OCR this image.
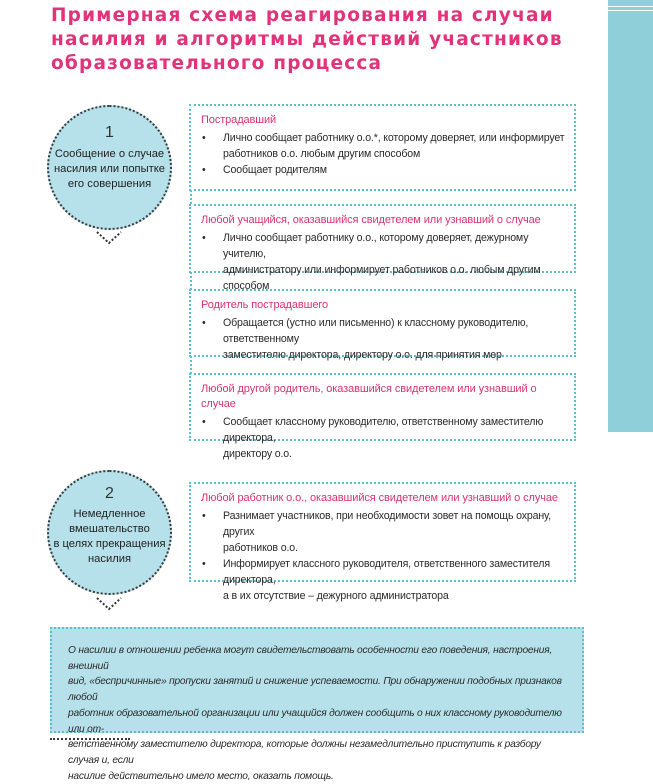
Примерная схема реагирования на случаи
насилия и алгоритмы действий участников
образовательного процесса
1
Сообщение о случае
насилия или попытке
его совершения
2
Немедленное
вмешательство
в целях прекращения
насилия
Пострадавший
• Лично сообщает работнику о.о.*, которому доверяет, или информирует
работников о.о. любым другим способом
• Сообщает родителям
Любой учащийся, оказавшийся свидетелем или узнавший о случае
• Лично сообщает работнику о.о., которому доверяет, дежурному учителю,
администратору или информирует работников о.о. любым другим способом
Родитель пострадавшего
• Обращается (устно или письменно) к классному руководителю, ответственному
заместителю директора, директору о.о. для принятия мер
Любой другой родитель, оказавшийся свидетелем или узнавший о случае
• Сообщает классному руководителю, ответственному заместителю директора,
директору о.о.
Любой работник о.о., оказавшийся свидетелем или узнавший о случае
• Разнимает участников, при необходимости зовет на помощь охрану, других
работников о.о.
• Информирует классного руководителя, ответственного заместителя директора,
а в их отсутствие – дежурного администратора
О насилии в отношении ребенка могут свидетельствовать особенности его поведения, настроения, внешний
вид, «беспричинные» пропуски занятий и снижение успеваемости. При обнаружении подобных признаков любой
работник образовательной организации или учащийся должен сообщить о них классному руководителю или от-
ветственному заместителю директора, которые должны незамедлительно приступить к разбору случая и, если
насилие действительно имело место, оказать помощь.
